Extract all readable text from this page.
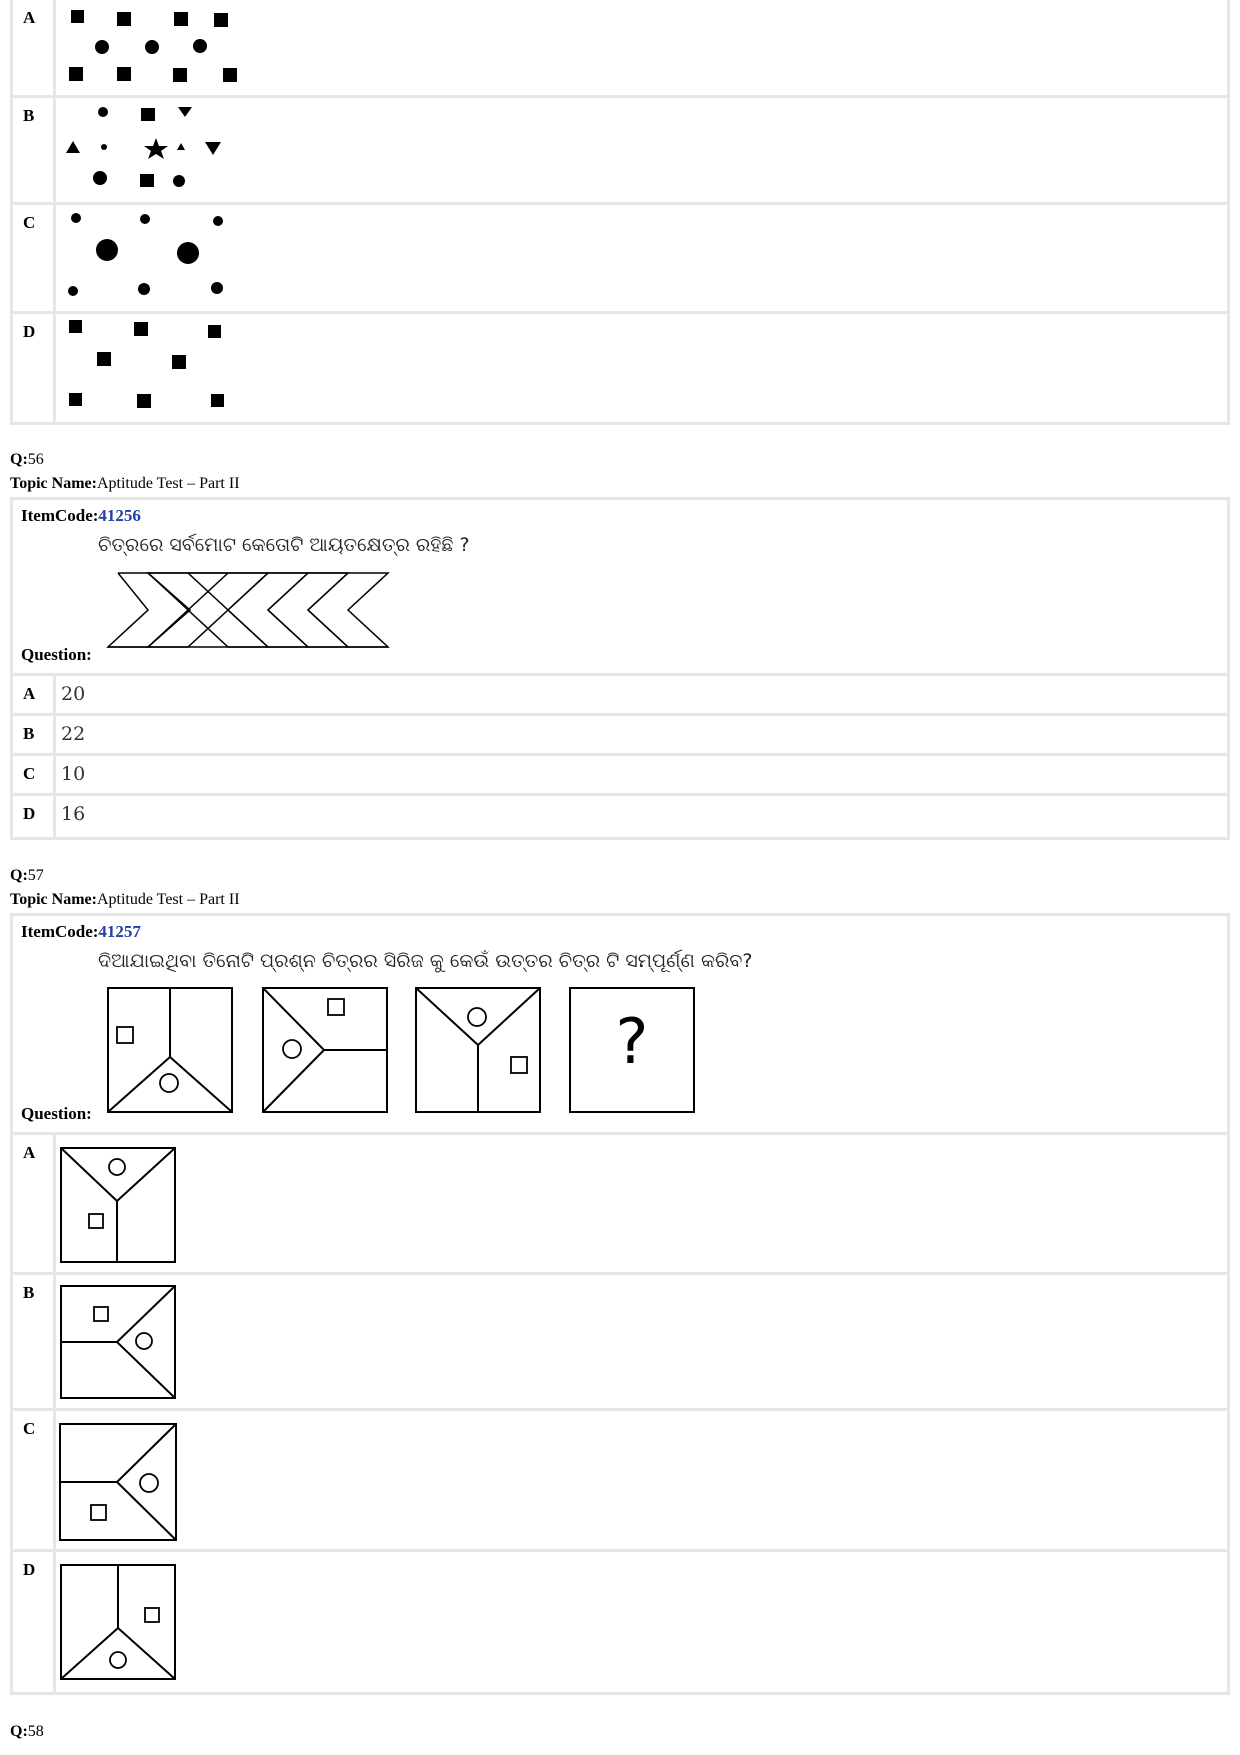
A
B
C
D
Q:56
Topic Name:Aptitude Test – Part II
ItemCode:41256
ଚିତ୍ରରେ ସର୍ବମୋଟ କେତୋଟି ଆୟତକ୍ଷେତ୍ର ରହିଛି ?
Question:
A	20
B	22
C	10
D	16
Q:57
Topic Name:Aptitude Test – Part II
ItemCode:41257
ଦିଆଯାଇଥିବା ତିନୋଟି ପ୍ରଶ୍ନ ଚିତ୍ରର ସିରିଜ କୁ କେଉଁ ଉତ୍ତର ଚିତ୍ର ଟି ସମ୍ପୂର୍ଣ୍ଣ କରିବ?
?
Question:
A
B
C
D
Q:58
